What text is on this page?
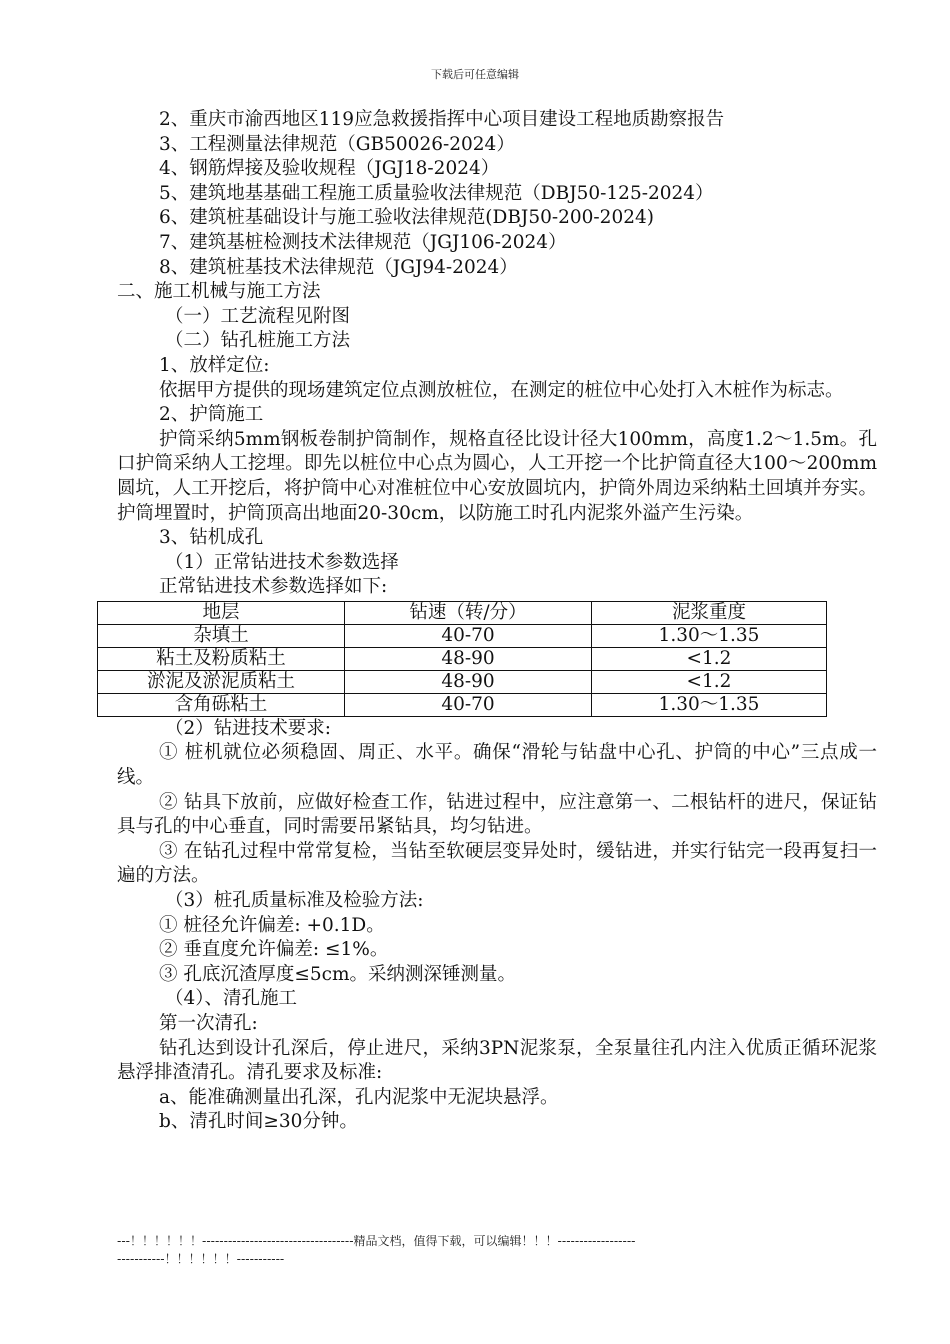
下载后可任意编辑
2、重庆市渝西地区119应急救援指挥中心项目建设工程地质勘察报告
3、工程测量法律规范（GB50026-2024）
4、钢筋焊接及验收规程（JGJ18-2024）
5、建筑地基基础工程施工质量验收法律规范（DBJ50-125-2024）
6、建筑桩基础设计与施工验收法律规范(DBJ50-200-2024)
7、建筑基桩检测技术法律规范（JGJ106-2024）
8、建筑桩基技术法律规范（JGJ94-2024）
二、施工机械与施工方法
（一）工艺流程见附图
（二）钻孔桩施工方法
1、放样定位:
依据甲方提供的现场建筑定位点测放桩位，在测定的桩位中心处打入木桩作为标志。
2、护筒施工
护筒采纳5mm钢板卷制护筒制作，规格直径比设计径大100mm，高度1.2～1.5m。孔口护筒采纳人工挖埋。即先以桩位中心点为圆心，人工开挖一个比护筒直径大100～200mm圆坑，人工开挖后，将护筒中心对准桩位中心安放圆坑内，护筒外周边采纳粘土回填并夯实。护筒埋置时，护筒顶高出地面20-30cm，以防施工时孔内泥浆外溢产生污染。
3、钻机成孔
（1）正常钻进技术参数选择
正常钻进技术参数选择如下:
地层	钻速（转/分）	泥浆重度
杂填土	40-70	1.30～1.35
粘土及粉质粘土	48-90	<1.2
淤泥及淤泥质粘土	48-90	<1.2
含角砾粘土	40-70	1.30～1.35
（2）钻进技术要求:
① 桩机就位必须稳固、周正、水平。确保“滑轮与钻盘中心孔、护筒的中心”三点成一线。
② 钻具下放前，应做好检查工作，钻进过程中，应注意第一、二根钻杆的进尺，保证钻具与孔的中心垂直，同时需要吊紧钻具，均匀钻进。
③ 在钻孔过程中常常复检，当钻至软硬层变异处时，缓钻进，并实行钻完一段再复扫一遍的方法。
（3）桩孔质量标准及检验方法:
① 桩径允许偏差: +0.1D。
② 垂直度允许偏差: ≤1%。
③ 孔底沉渣厚度≤5cm。采纳测深锤测量。
（4）、清孔施工
第一次清孔:
钻孔达到设计孔深后，停止进尺，采纳3PN泥浆泵，全泵量往孔内注入优质正循环泥浆悬浮排渣清孔。清孔要求及标准:
a、能准确测量出孔深，孔内泥浆中无泥块悬浮。
b、清孔时间≥30分钟。
---！！！！！！-----------------------------------精品文档，值得下载，可以编辑！！！-----------------------------！！！！！！-----------
